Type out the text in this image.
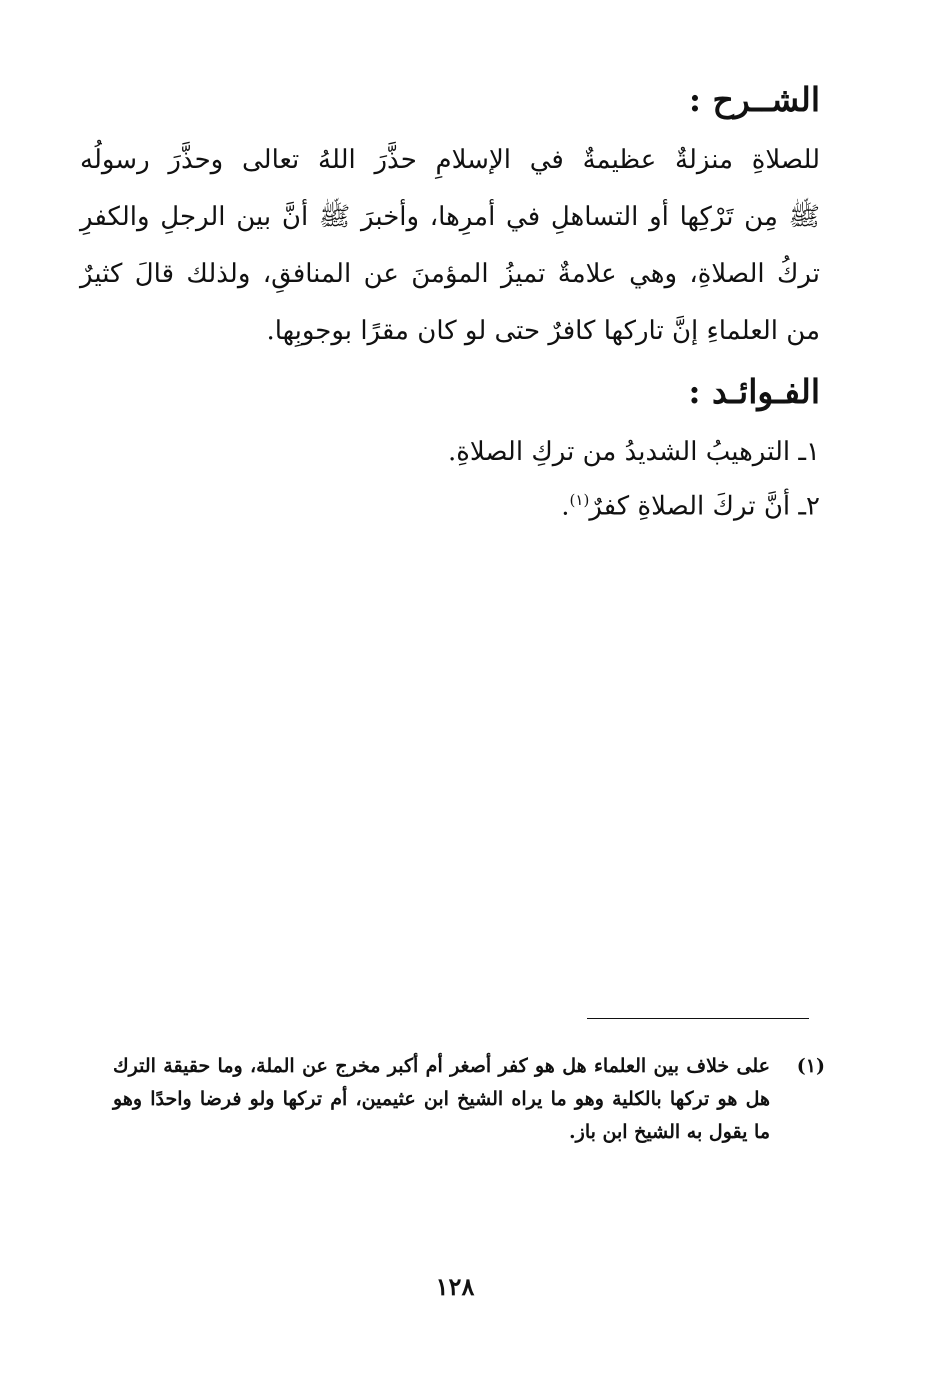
الشــرح :
للصلاةِ منزلةٌ عظيمةٌ في الإسلامِ حذَّرَ اللهُ تعالى وحذَّرَ رسولُه
ﷺ مِن تَرْكِها أو التساهلِ في أمرِها، وأخبرَ ﷺ أنَّ بين الرجلِ والكفرِ
تركُ الصلاةِ، وهي علامةٌ تميزُ المؤمنَ عن المنافقِ، ولذلك قالَ كثيرٌ
من العلماءِ إنَّ تاركها كافرٌ حتى لو كان مقرًا بوجوبِها.
الفـوائـد :
١ـ الترهيبُ الشديدُ من تركِ الصلاةِ.
٢ـ أنَّ تركَ الصلاةِ كفرٌ$^{(١)}$.
(١)
على خلاف بين العلماء هل هو كفر أصغر أم أكبر مخرج عن الملة، وما حقيقة الترك
هل هو تركها بالكلية وهو ما يراه الشيخ ابن عثيمين، أم تركها ولو فرضا واحدًا وهو
ما يقول به الشيخ ابن باز.
١٢٨
